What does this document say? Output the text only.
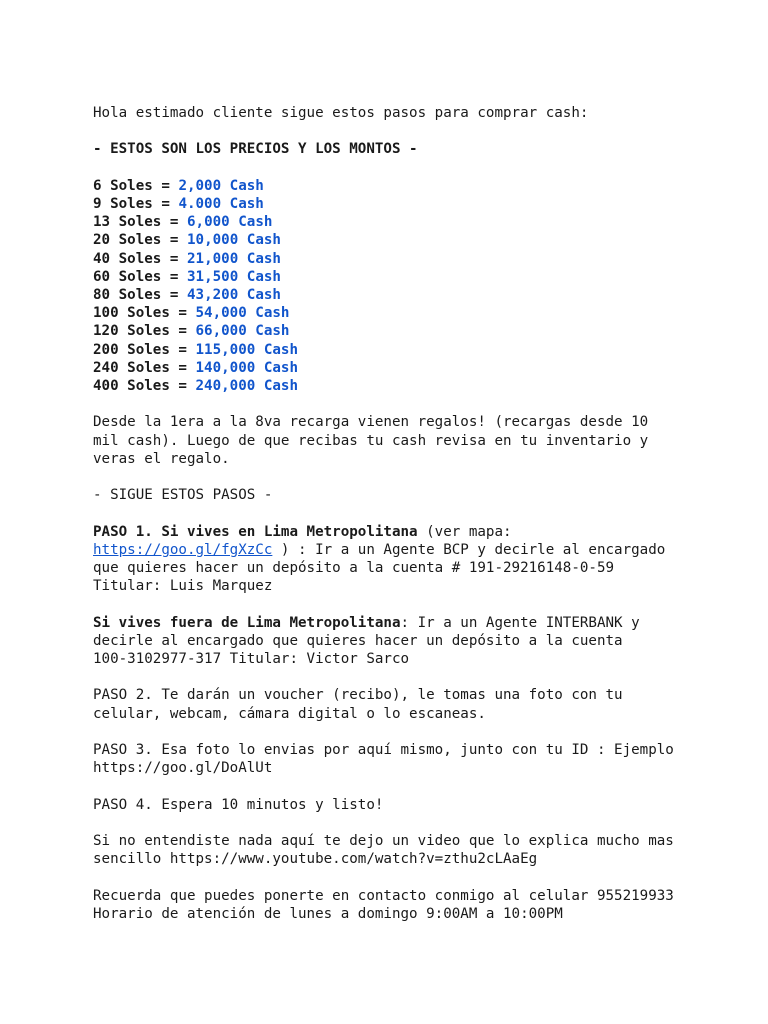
Hola estimado cliente sigue estos pasos para comprar cash:
- ESTOS SON LOS PRECIOS Y LOS MONTOS -
6 Soles = 2,000 Cash
9 Soles = 4.000 Cash
13 Soles = 6,000 Cash
20 Soles = 10,000 Cash
40 Soles = 21,000 Cash
60 Soles = 31,500 Cash
80 Soles = 43,200 Cash
100 Soles = 54,000 Cash
120 Soles = 66,000 Cash
200 Soles = 115,000 Cash
240 Soles = 140,000 Cash
400 Soles = 240,000 Cash
Desde la 1era a la 8va recarga vienen regalos! (recargas desde 10
mil cash). Luego de que recibas tu cash revisa en tu inventario y
veras el regalo.
- SIGUE ESTOS PASOS -
PASO 1. Si vives en Lima Metropolitana (ver mapa:
https://goo.gl/fgXzCc ) : Ir a un Agente BCP y decirle al encargado
que quieres hacer un depósito a la cuenta # 191-29216148-0-59
Titular: Luis Marquez
Si vives fuera de Lima Metropolitana: Ir a un Agente INTERBANK y
decirle al encargado que quieres hacer un depósito a la cuenta
100-3102977-317 Titular: Victor Sarco
PASO 2. Te darán un voucher (recibo), le tomas una foto con tu
celular, webcam, cámara digital o lo escaneas.
PASO 3. Esa foto lo envias por aquí mismo, junto con tu ID : Ejemplo
https://goo.gl/DoAlUt
PASO 4. Espera 10 minutos y listo!
Si no entendiste nada aquí te dejo un video que lo explica mucho mas
sencillo https://www.youtube.com/watch?v=zthu2cLAaEg
Recuerda que puedes ponerte en contacto conmigo al celular 955219933
Horario de atención de lunes a domingo 9:00AM a 10:00PM
